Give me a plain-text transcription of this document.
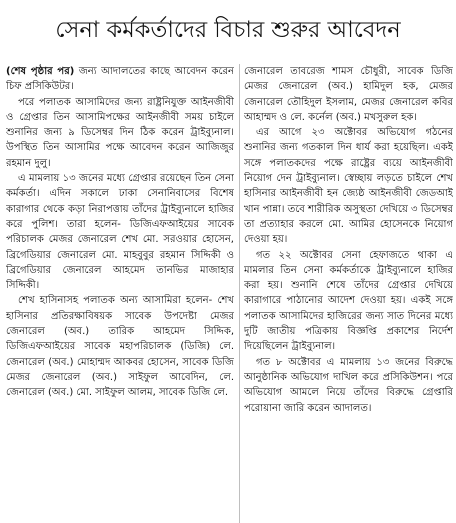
সেনা কর্মকর্তাদের বিচার শুরুর আবেদন

(শেষ পৃষ্ঠার পর) জন্য আদালতের কাছে আবেদন করেন চিফ প্রসিকিউটর।

পরে পলাতক আসামিদের জন্য রাষ্ট্রনিযুক্ত আইনজীবী ও গ্রেপ্তার তিন আসামিপক্ষের আইনজীবী সময় চাইলে শুনানির জন্য ৯ ডিসেম্বর দিন ঠিক করেন ট্রাইব্যুনাল। উপস্থিত তিন আসামির পক্ষে আবেদন করেন আজিজুর রহমান দুলু।

এ মামলায় ১৩ জনের মধ্যে গ্রেপ্তার রয়েছেন তিন সেনা কর্মকর্তা। এদিন সকালে ঢাকা সেনানিবাসের বিশেষ কারাগার থেকে কড়া নিরাপত্তায় তাঁদের ট্রাইব্যুনালে হাজির করে পুলিশ। তারা হলেন- ডিজিএফআইয়ের সাবেক পরিচালক মেজর জেনারেল শেখ মো. সরওয়ার হোসেন, ব্রিগেডিয়ার জেনারেল মো. মাহবুবুর রহমান সিদ্দিকী ও ব্রিগেডিয়ার জেনারেল আহমেদ তানভির মাজাহার সিদ্দিকী।

শেখ হাসিনাসহ পলাতক অন্য আসামিরা হলেন- শেখ হাসিনার প্রতিরক্ষাবিষয়ক সাবেক উপদেষ্টা মেজর জেনারেল (অব.) তারিক আহমেদ সিদ্দিক, ডিজিএফআইয়ের সাবেক মহাপরিচালক (ডিজি) লে. জেনারেল (অব.) মোহাম্মদ আকবর হোসেন, সাবেক ডিজি মেজর জেনারেল (অব.) সাইফুল আবেদিন, লে. জেনারেল (অব.) মো. সাইফুল আলম, সাবেক ডিজি লে.

জেনারেল তাবরেজ শামস চৌধুরী, সাবেক ডিজি মেজর জেনারেল (অব.) হামিদুল হক, মেজর জেনারেল তৌহিদুল ইসলাম, মেজর জেনারেল কবির আহাম্মদ ও লে. কর্নেল (অব.) মখসুরুল হক।

এর আগে ২৩ অক্টোবর অভিযোগ গঠনের শুনানির জন্য গতকাল দিন ধার্য করা হয়েছিল। একই সঙ্গে পলাতকদের পক্ষে রাষ্ট্রের ব্যয়ে আইনজীবী নিয়োগ দেন ট্রাইব্যুনাল। স্বেচ্ছায় লড়তে চাইলে শেখ হাসিনার আইনজীবী হন জ্যেষ্ঠ আইনজীবী জেডআই খান পান্না। তবে শারীরিক অসুস্থতা দেখিয়ে ৩ ডিসেম্বর তা প্রত্যাহার করলে মো. আমির হোসেনকে নিয়োগ দেওয়া হয়।

গত ২২ অক্টোবর সেনা হেফাজতে থাকা এ মামলার তিন সেনা কর্মকর্তাকে ট্রাইব্যুনালে হাজির করা হয়। শুনানি শেষে তাঁদের গ্রেপ্তার দেখিয়ে কারাগারে পাঠানোর আদেশ দেওয়া হয়। একই সঙ্গে পলাতক আসামিদের হাজিরের জন্য সাত দিনের মধ্যে দুটি জাতীয় পত্রিকায় বিজ্ঞপ্তি প্রকাশের নির্দেশ দিয়েছিলেন ট্রাইব্যুনাল।

গত ৮ অক্টোবর এ মামলায় ১৩ জনের বিরুদ্ধে আনুষ্ঠানিক অভিযোগ দাখিল করে প্রসিকিউশন। পরে অভিযোগ আমলে নিয়ে তাঁদের বিরুদ্ধে গ্রেপ্তারি পরোয়ানা জারি করেন আদালত।
